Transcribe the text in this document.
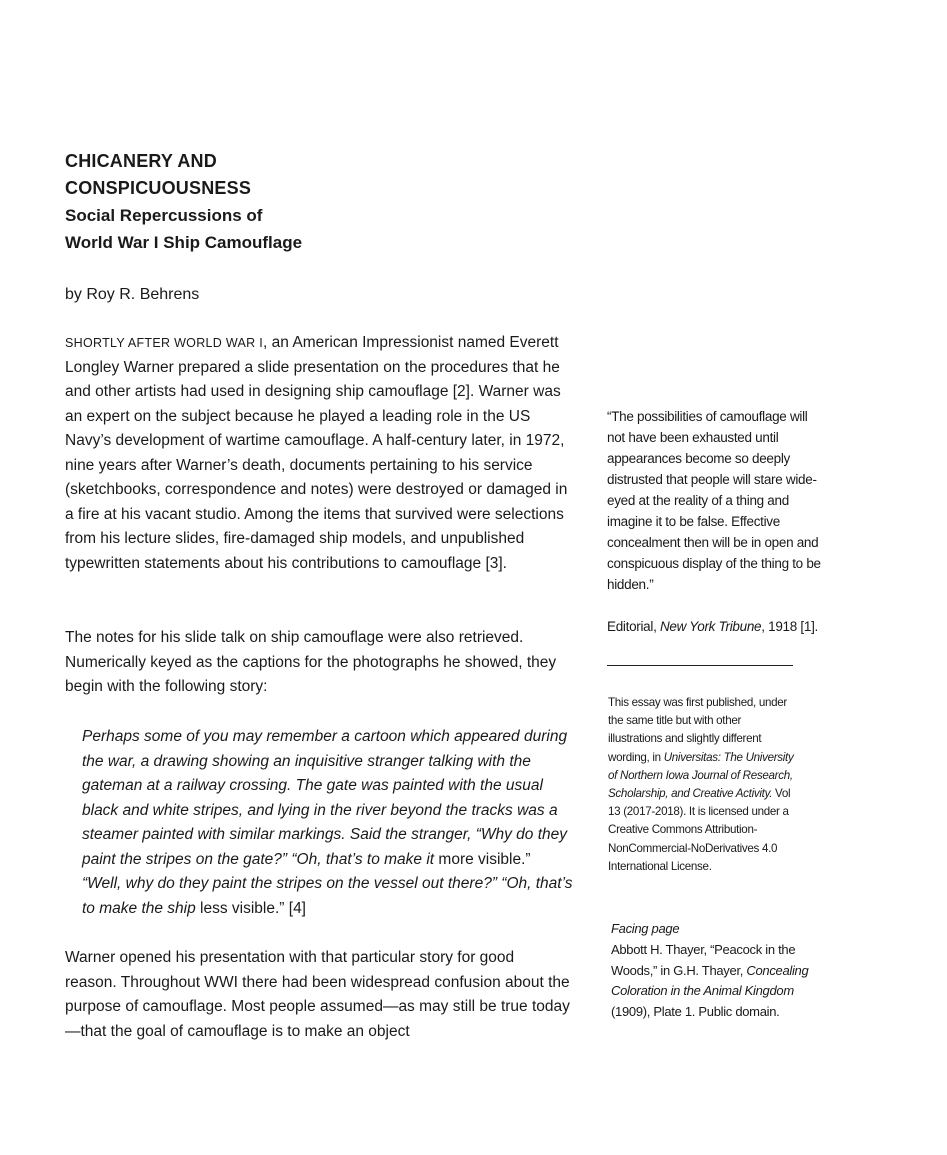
CHICANERY AND
CONSPICUOUSNESS
Social Repercussions of
World War I Ship Camouflage
by Roy R. Behrens

SHORTLY AFTER WORLD WAR I, an American Impressionist named Everett Longley Warner prepared a slide presentation on the procedures that he and other artists had used in designing ship camouflage [2]. Warner was an expert on the subject because he played a leading role in the US Navy’s development of wartime camouflage. A half-century later, in 1972, nine years after Warner’s death, documents pertaining to his service (sketchbooks, correspondence and notes) were destroyed or damaged in a fire at his vacant studio. Among the items that survived were selections from his lecture slides, fire-damaged ship models, and unpublished typewritten statements about his contributions to camouflage [3].

The notes for his slide talk on ship camouflage were also retrieved. Numerically keyed as the captions for the photographs he showed, they begin with the following story:

Perhaps some of you may remember a cartoon which appeared during the war, a drawing showing an inquisitive stranger talking with the gateman at a railway crossing. The gate was painted with the usual black and white stripes, and lying in the river beyond the tracks was a steamer painted with similar markings. Said the stranger, “Why do they paint the stripes on the gate?” “Oh, that’s to make it more visible.” “Well, why do they paint the stripes on the vessel out there?” “Oh, that’s to make the ship less visible.” [4]

Warner opened his presentation with that particular story for good reason. Throughout WWI there had been widespread confusion about the purpose of camouflage. Most people assumed—as may still be true today—that the goal of camouflage is to make an object

“The possibilities of camouflage will not have been exhausted until appearances become so deeply distrusted that people will stare wide-eyed at the reality of a thing and imagine it to be false. Effective concealment then will be in open and conspicuous display of the thing to be hidden.”
Editorial, New York Tribune, 1918 [1].
This essay was first published, under the same title but with other illustrations and slightly different wording, in Universitas: The University of Northern Iowa Journal of Research, Scholarship, and Creative Activity. Vol 13 (2017-2018). It is licensed under a Creative Commons Attribution-NonCommercial-NoDerivatives 4.0 International License.
Facing page
Abbott H. Thayer, “Peacock in the Woods,” in G.H. Thayer, Concealing Coloration in the Animal Kingdom (1909), Plate 1. Public domain.
